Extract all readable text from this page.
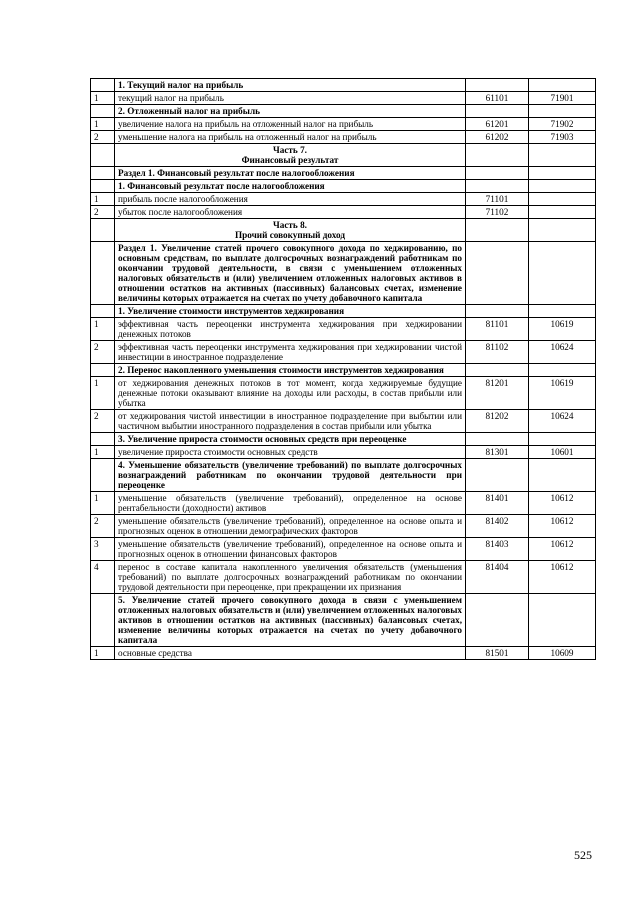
	1. Текущий налог на прибыль		
1	текущий налог на прибыль	61101	71901
	2. Отложенный налог на прибыль		
1	увеличение налога на прибыль на отложенный налог на прибыль	61201	71902
2	уменьшение налога на прибыль на отложенный налог на прибыль	61202	71903
	Часть 7.
Финансовый результат		
	Раздел 1. Финансовый результат после налогообложения		
	1. Финансовый результат после налогообложения		
1	прибыль после налогообложения	71101	
2	убыток после налогообложения	71102	
	Часть 8.
Прочий совокупный доход		
	Раздел 1. Увеличение статей прочего совокупного дохода по хеджированию, по основным средствам, по выплате долгосрочных вознаграждений работникам по окончании трудовой деятельности, в связи с уменьшением отложенных налоговых обязательств и (или) увеличением отложенных налоговых активов в отношении остатков на активных (пассивных) балансовых счетах, изменение величины которых отражается на счетах по учету добавочного капитала		
	1. Увеличение стоимости инструментов хеджирования		
1	эффективная часть переоценки инструмента хеджирования при хеджировании денежных потоков	81101	10619
2	эффективная часть переоценки инструмента хеджирования при хеджировании чистой инвестиции в иностранное подразделение	81102	10624
	2. Перенос накопленного уменьшения стоимости инструментов хеджирования		
1	от хеджирования денежных потоков в тот момент, когда хеджируемые будущие денежные потоки оказывают влияние на доходы или расходы, в состав прибыли или убытка	81201	10619
2	от хеджирования чистой инвестиции в иностранное подразделение при выбытии или частичном выбытии иностранного подразделения в состав прибыли или убытка	81202	10624
	3. Увеличение прироста стоимости основных средств при переоценке		
1	увеличение прироста стоимости основных средств	81301	10601
	4. Уменьшение обязательств (увеличение требований) по выплате долгосрочных вознаграждений работникам по окончании трудовой деятельности при переоценке		
1	уменьшение обязательств (увеличение требований), определенное на основе рентабельности (доходности) активов	81401	10612
2	уменьшение обязательств (увеличение требований), определенное на основе опыта и прогнозных оценок в отношении демографических факторов	81402	10612
3	уменьшение обязательств (увеличение требований), определенное на основе опыта и прогнозных оценок в отношении финансовых факторов	81403	10612
4	перенос в составе капитала накопленного увеличения обязательств (уменьшения требований) по выплате долгосрочных вознаграждений работникам по окончании трудовой деятельности при переоценке, при прекращении их признания	81404	10612
	5. Увеличение статей прочего совокупного дохода в связи с уменьшением отложенных налоговых обязательств и (или) увеличением отложенных налоговых активов в отношении остатков на активных (пассивных) балансовых счетах, изменение величины которых отражается на счетах по учету добавочного капитала		
1	основные средства	81501	10609
525
